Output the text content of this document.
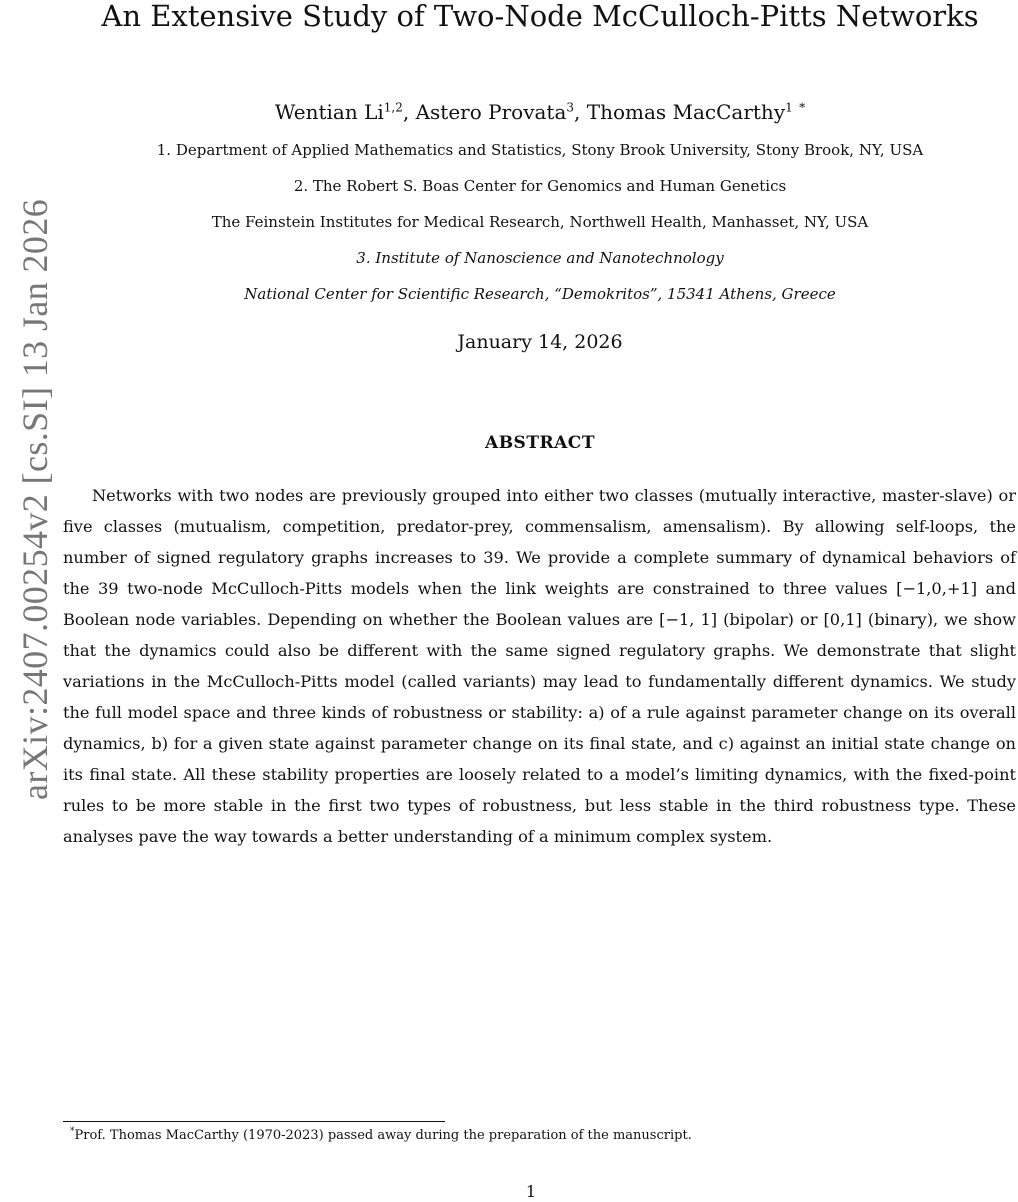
arXiv:2407.00254v2 [cs.SI] 13 Jan 2026
An Extensive Study of Two-Node McCulloch-Pitts Networks
Wentian Li$^{1,2}$, Astero Provata$^3$, Thomas MacCarthy$^1$ *
1. Department of Applied Mathematics and Statistics, Stony Brook University, Stony Brook, NY, USA
2. The Robert S. Boas Center for Genomics and Human Genetics
The Feinstein Institutes for Medical Research, Northwell Health, Manhasset, NY, USA
3. Institute of Nanoscience and Nanotechnology
National Center for Scientific Research, “Demokritos”, 15341 Athens, Greece
January 14, 2026
ABSTRACT

Networks with two nodes are previously grouped into either two classes (mutually interactive, master-slave) or five classes (mutualism, competition, predator-prey, commensalism, amensalism). By allowing self-loops, the number of signed regulatory graphs increases to 39. We provide a complete summary of dynamical behaviors of the 39 two-node McCulloch-Pitts models when the link weights are constrained to three values [−1,0,+1] and Boolean node variables. Depending on whether the Boolean values are [−1, 1] (bipolar) or [0,1] (binary), we show that the dynamics could also be different with the same signed regulatory graphs. We demonstrate that slight variations in the McCulloch-Pitts model (called variants) may lead to fundamentally different dynamics. We study the full model space and three kinds of robustness or stability: a) of a rule against parameter change on its overall dynamics, b) for a given state against parameter change on its final state, and c) against an initial state change on its final state. All these stability properties are loosely related to a model’s limiting dynamics, with the fixed-point rules to be more stable in the first two types of robustness, but less stable in the third robustness type. These analyses pave the way towards a better understanding of a minimum complex system.

*Prof. Thomas MacCarthy (1970-2023) passed away during the preparation of the manuscript.
1
